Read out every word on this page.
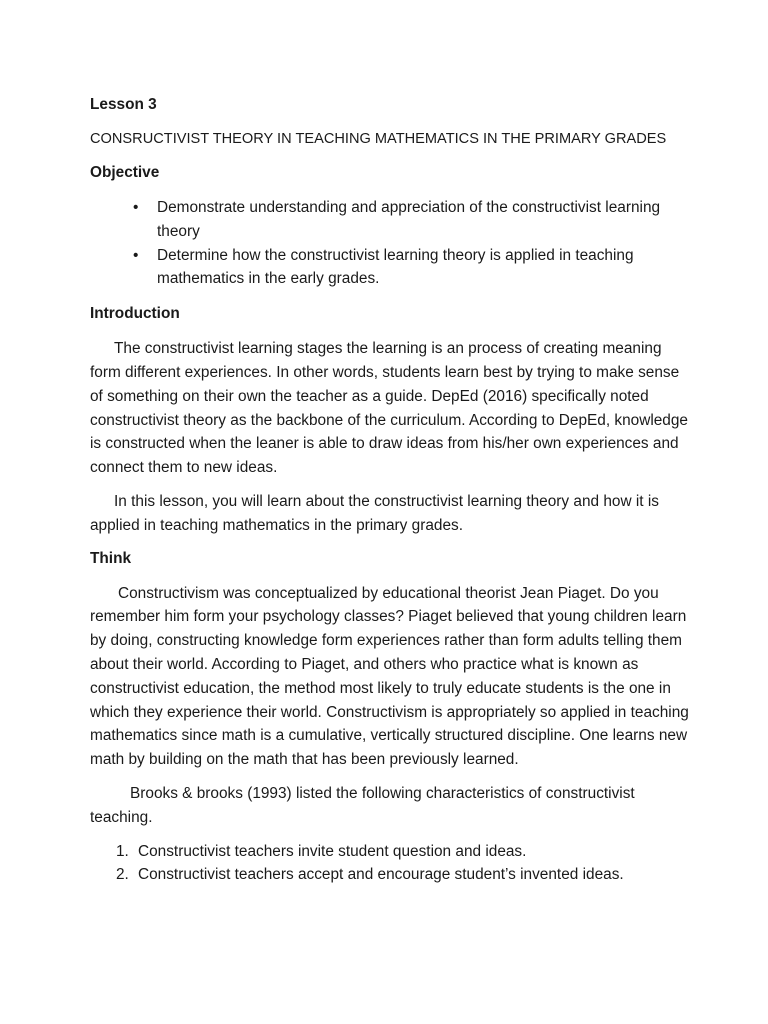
Lesson 3
CONSRUCTIVIST THEORY IN TEACHING MATHEMATICS IN THE PRIMARY GRADES
Objective
• Demonstrate understanding and appreciation of the constructivist learning theory
• Determine how the constructivist learning theory is applied in teaching mathematics in the early grades.
Introduction

The constructivist learning stages the learning is an process of creating meaning form different experiences. In other words, students learn best by trying to make sense of something on their own the teacher as a guide. DepEd (2016) specifically noted constructivist theory as the backbone of the curriculum. According to DepEd, knowledge is constructed when the leaner is able to draw ideas from his/her own experiences and connect them to new ideas.

In this lesson, you will learn about the constructivist learning theory and how it is applied in teaching mathematics in the primary grades.

Think

Constructivism was conceptualized by educational theorist Jean Piaget. Do you remember him form your psychology classes? Piaget believed that young children learn by doing, constructing knowledge form experiences rather than form adults telling them about their world. According to Piaget, and others who practice what is known as constructivist education, the method most likely to truly educate students is the one in which they experience their world. Constructivism is appropriately so applied in teaching mathematics since math is a cumulative, vertically structured discipline. One learns new math by building on the math that has been previously learned.

Brooks & brooks (1993) listed the following characteristics of constructivist teaching.

1. Constructivist teachers invite student question and ideas.
2. Constructivist teachers accept and encourage student’s invented ideas.
